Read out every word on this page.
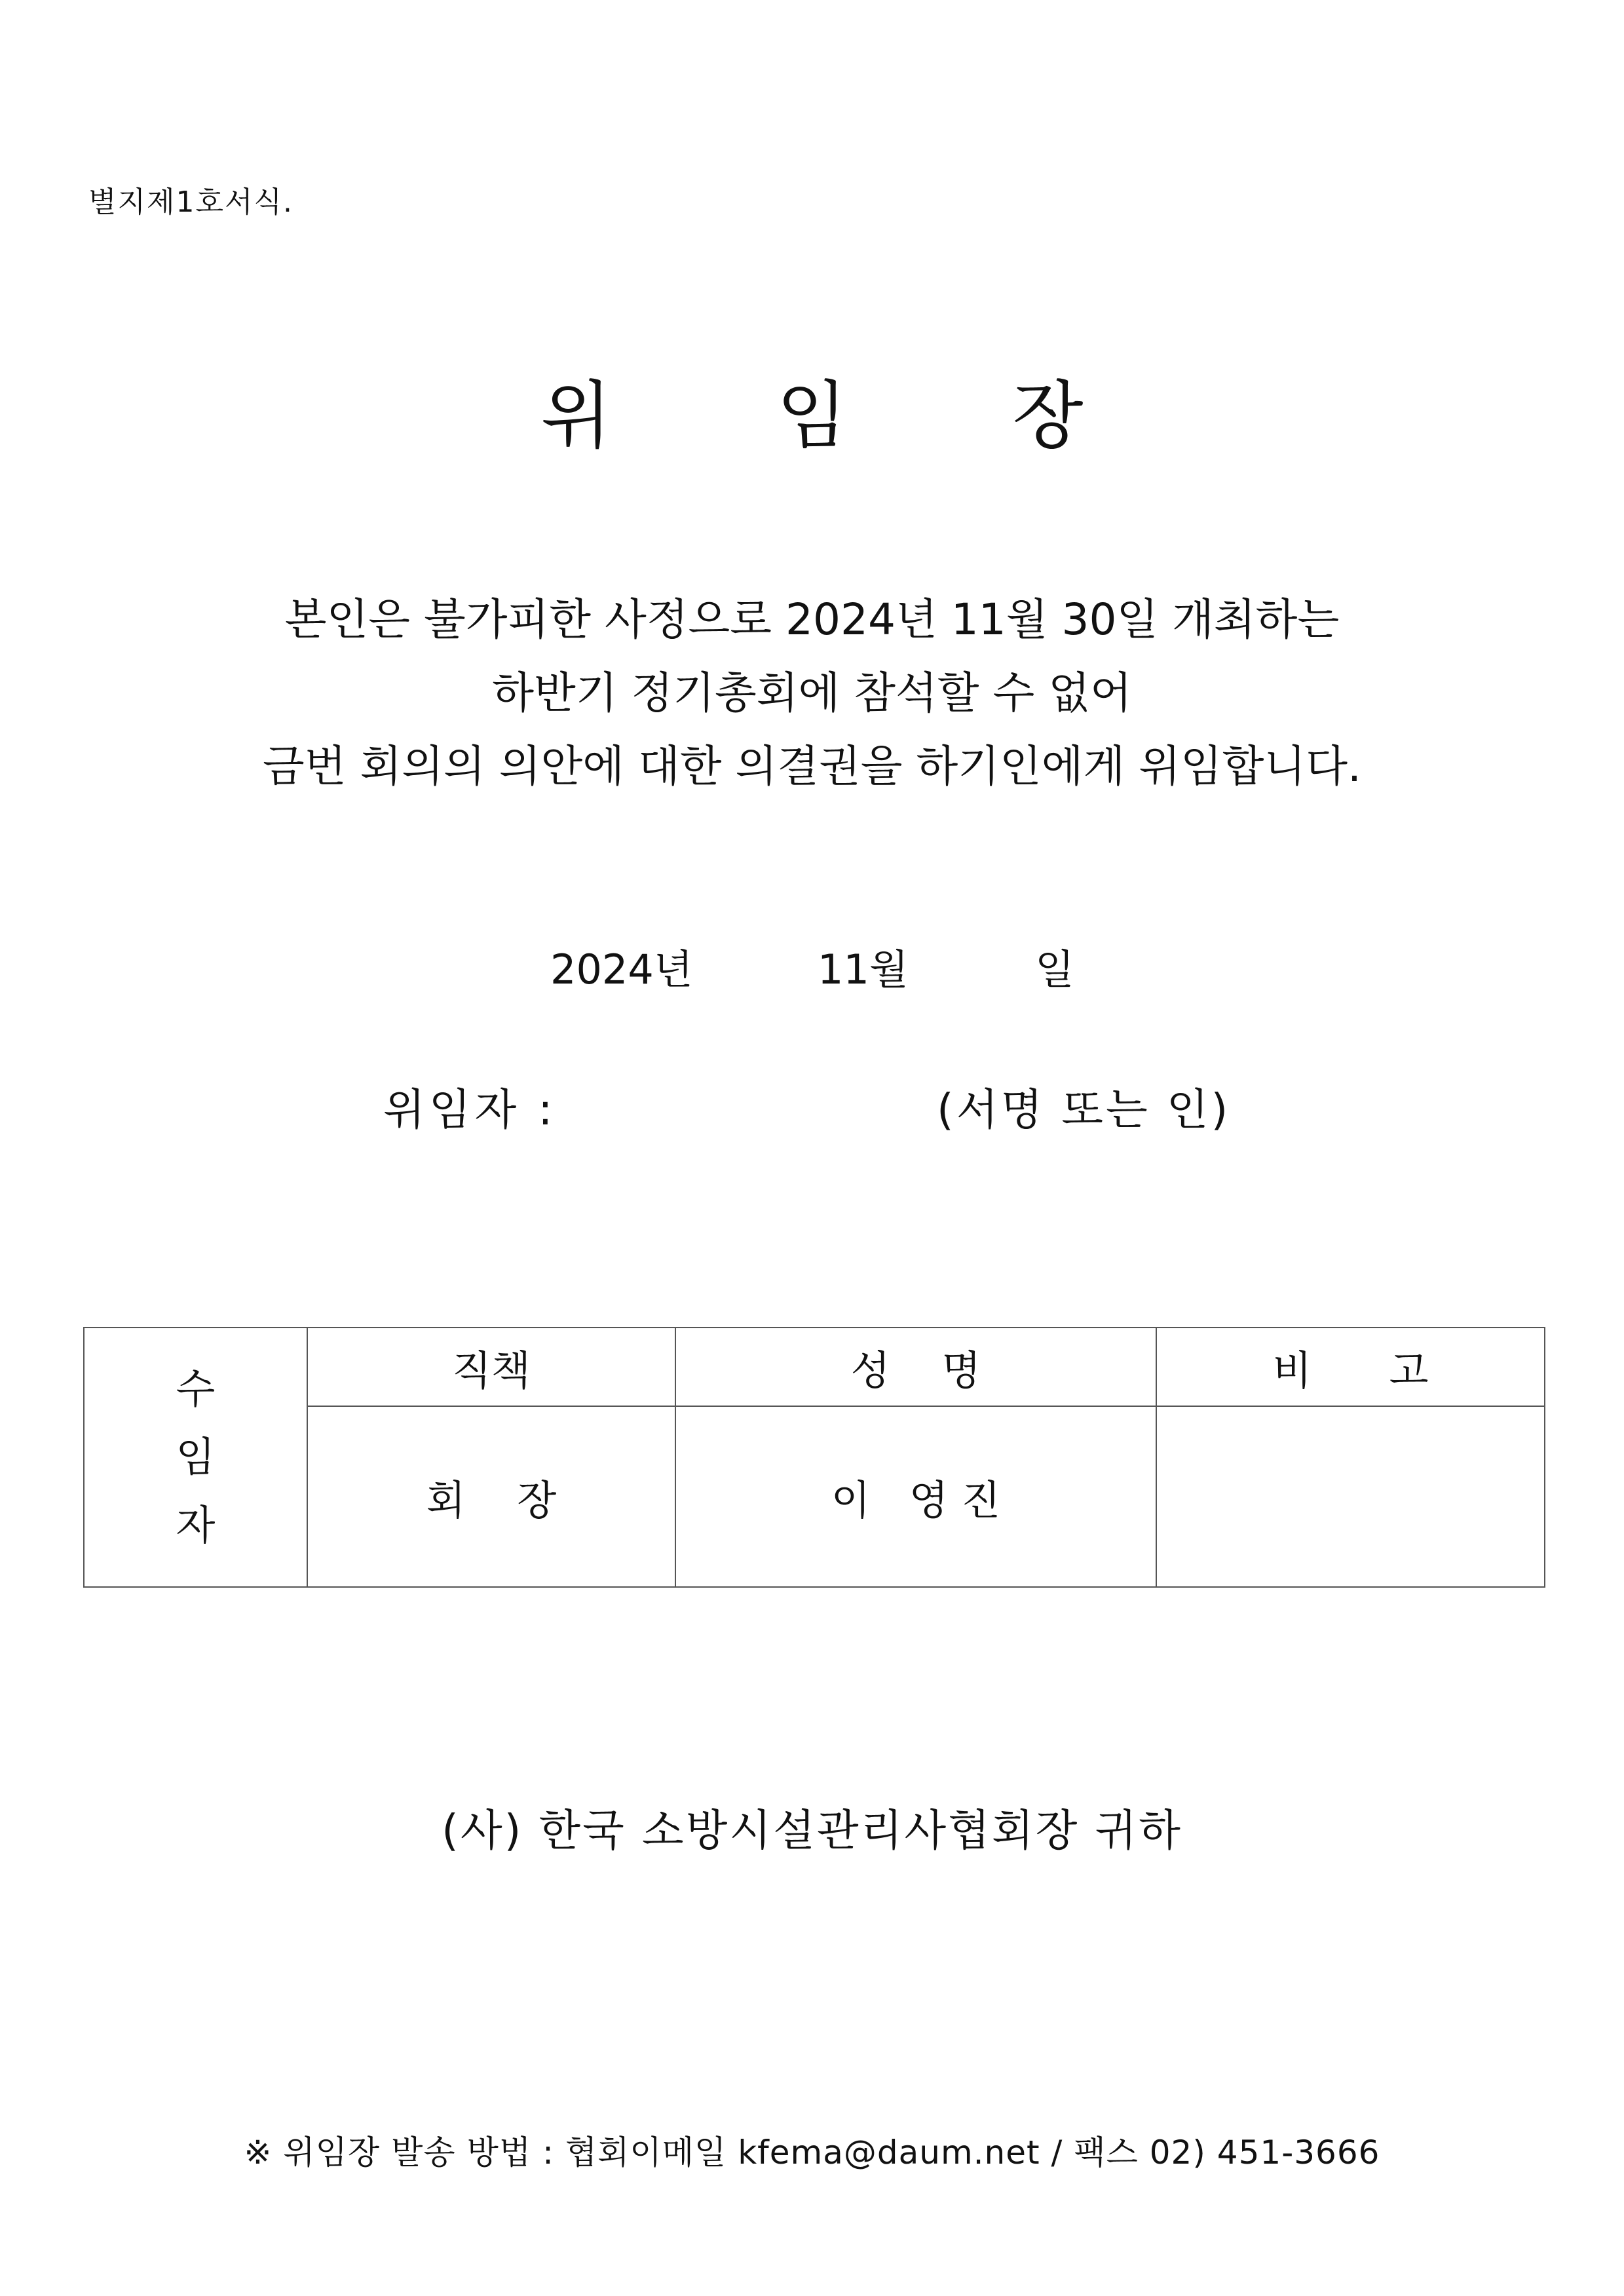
별지제1호서식.
위	임	장
본인은 불가피한 사정으로 2024년 11월 30일 개최하는
하반기 정기총회에 참석할 수 없어
금번 회의의 의안에 대한 의결권을 하기인에게 위임합니다.
2024년	11월	일
위임자 :	(서명 또는 인)
수
임
자	직책	성    명	비      고
	회    장	이   영 진	
(사) 한국 소방시설관리사협회장 귀하
※ 위임장 발송 방법 : 협회이메일 kfema@daum.net / 팩스 02) 451-3666
